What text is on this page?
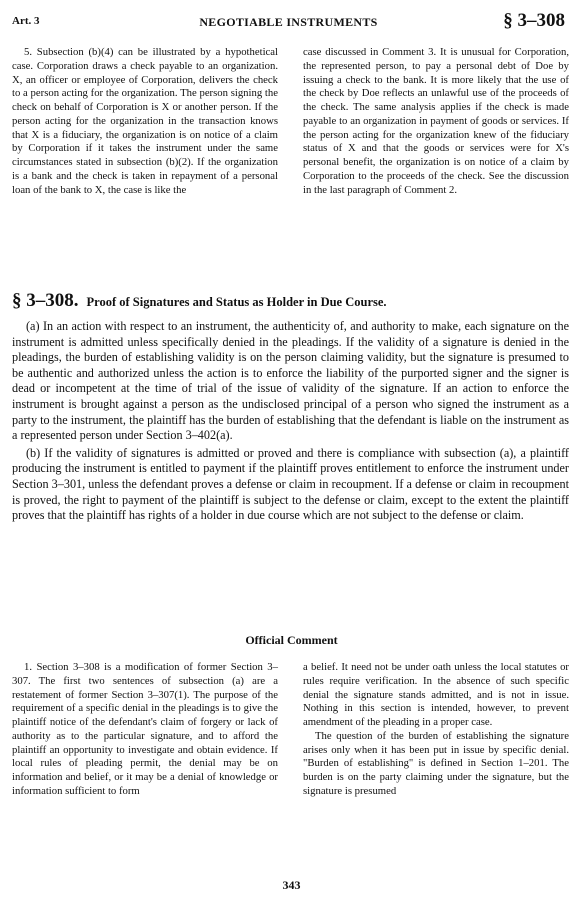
Art. 3	NEGOTIABLE INSTRUMENTS	§ 3–308

5. Subsection (b)(4) can be illustrated by a hypothetical case. Corporation draws a check payable to an organization. X, an officer or employee of Corporation, delivers the check to a person acting for the organization. The person signing the check on behalf of Corporation is X or another person. If the person acting for the organization in the transaction knows that X is a fiduciary, the organization is on notice of a claim by Corporation if it takes the instrument under the same circumstances stated in subsection (b)(2). If the organization is a bank and the check is taken in repayment of a personal loan of the bank to X, the case is like the

case discussed in Comment 3. It is unusual for Corporation, the represented person, to pay a personal debt of Doe by issuing a check to the bank. It is more likely that the use of the check by Doe reflects an unlawful use of the proceeds of the check. The same analysis applies if the check is made payable to an organization in payment of goods or services. If the person acting for the organization knew of the fiduciary status of X and that the goods or services were for X's personal benefit, the organization is on notice of a claim by Corporation to the proceeds of the check. See the discussion in the last paragraph of Comment 2.

§ 3–308. Proof of Signatures and Status as Holder in Due Course.

(a) In an action with respect to an instrument, the authenticity of, and authority to make, each signature on the instrument is admitted unless specifically denied in the pleadings. If the validity of a signature is denied in the pleadings, the burden of establishing validity is on the person claiming validity, but the signature is presumed to be authentic and authorized unless the action is to enforce the liability of the purported signer and the signer is dead or incompetent at the time of trial of the issue of validity of the signature. If an action to enforce the instrument is brought against a person as the undisclosed principal of a person who signed the instrument as a party to the instrument, the plaintiff has the burden of establishing that the defendant is liable on the instrument as a represented person under Section 3–402(a).

(b) If the validity of signatures is admitted or proved and there is compliance with subsection (a), a plaintiff producing the instrument is entitled to payment if the plaintiff proves entitlement to enforce the instrument under Section 3–301, unless the defendant proves a defense or claim in recoupment. If a defense or claim in recoupment is proved, the right to payment of the plaintiff is subject to the defense or claim, except to the extent the plaintiff proves that the plaintiff has rights of a holder in due course which are not subject to the defense or claim.

Official Comment

1. Section 3–308 is a modification of former Section 3–307. The first two sentences of subsection (a) are a restatement of former Section 3–307(1). The purpose of the requirement of a specific denial in the pleadings is to give the plaintiff notice of the defendant's claim of forgery or lack of authority as to the particular signature, and to afford the plaintiff an opportunity to investigate and obtain evidence. If local rules of pleading permit, the denial may be on information and belief, or it may be a denial of knowledge or information sufficient to form

a belief. It need not be under oath unless the local statutes or rules require verification. In the absence of such specific denial the signature stands admitted, and is not in issue. Nothing in this section is intended, however, to prevent amendment of the pleading in a proper case.

The question of the burden of establishing the signature arises only when it has been put in issue by specific denial. "Burden of establishing" is defined in Section 1–201. The burden is on the party claiming under the signature, but the signature is presumed

343
